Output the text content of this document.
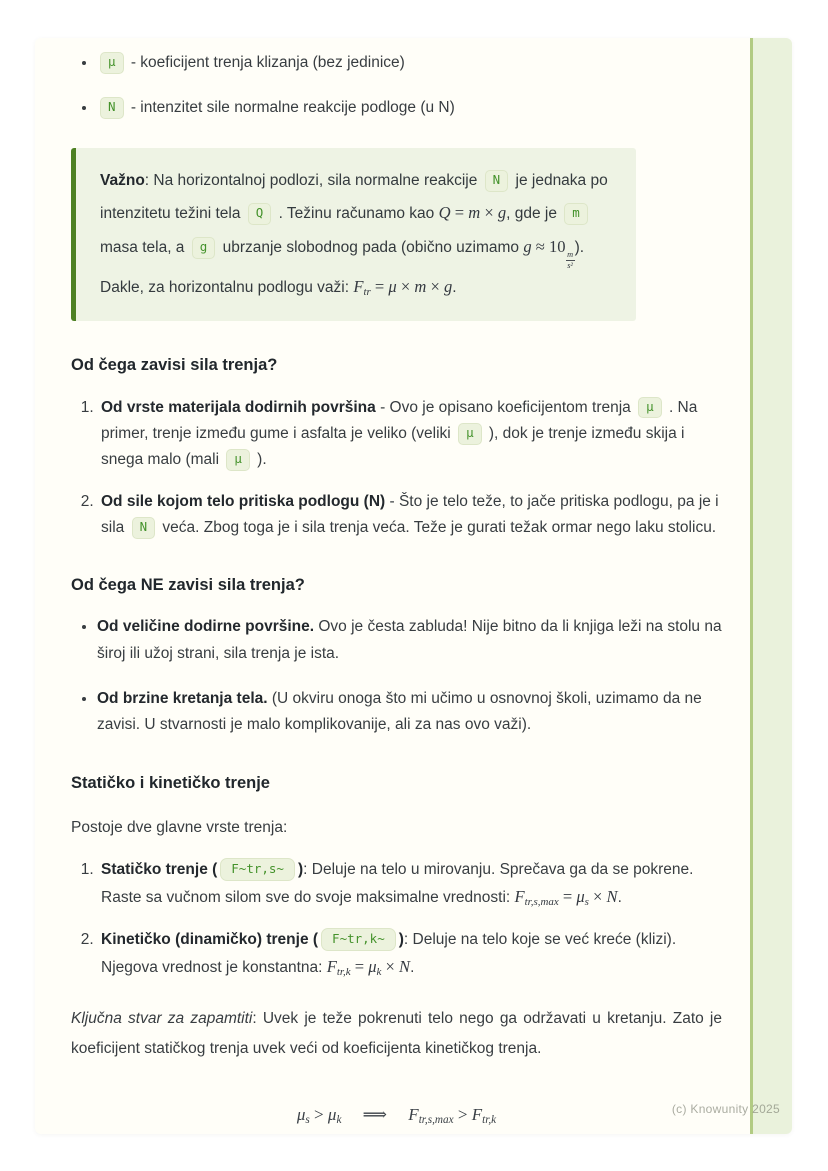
• μ - koeficijent trenja klizanja (bez jedinice)
• N - intenzitet sile normalne reakcije podloge (u N)
Važno: Na horizontalnoj podlozi, sila normalne reakcije N je jednaka po intenzitetu težini tela Q . Težinu računamo kao Q = m × g, gde je m masa tela, a g ubrzanje slobodnog pada (obično uzimamo g ≈ 10
$\frac{m}{\text{s²}}$
). Dakle, za horizontalnu podlogu važi: $F_{tr} = \mu \times m \times g$.
Od čega zavisi sila trenja?
1. Od vrste materijala dodirnih površina - Ovo je opisano koeficijentom trenja μ . Na primer, trenje između gume i asfalta je veliko (veliki μ ), dok je trenje između skija i snega malo (mali μ ).
2. Od sile kojom telo pritiska podlogu (N) - Što je telo teže, to jače pritiska podlogu, pa je i sila N veća. Zbog toga je i sila trenja veća. Teže je gurati težak ormar nego laku stolicu.
Od čega NE zavisi sila trenja?
• Od veličine dodirne površine. Ovo je česta zabluda! Nije bitno da li knjiga leži na stolu na široj ili užoj strani, sila trenja je ista.
• Od brzine kretanja tela. (U okviru onoga što mi učimo u osnovnoj školi, uzimamo da ne zavisi. U stvarnosti je malo komplikovanije, ali za nas ovo važi).
Statičko i kinetičko trenje

Postoje dve glavne vrste trenja:

1. Statičko trenje ( F~tr,s~ ): Deluje na telo u mirovanju. Sprečava ga da se pokrene. Raste sa vučnom silom sve do svoje maksimalne vrednosti: $F_{tr,s,max} = \mu_s \times N$.
2. Kinetičko (dinamičko) trenje ( F~tr,k~ ): Deluje na telo koje se već kreće (klizi). Njegova vrednost je konstantna: $F_{tr,k} = \mu_k \times N$.

Ključna stvar za zapamtiti: Uvek je teže pokrenuti telo nego ga održavati u kretanju. Zato je koeficijent statičkog trenja uvek veći od koeficijenta kinetičkog trenja.

$\mu_s > \mu_k$     ⟹     $F_{tr,s,max} > F_{tr,k}$
(c) Knowunity 2025
